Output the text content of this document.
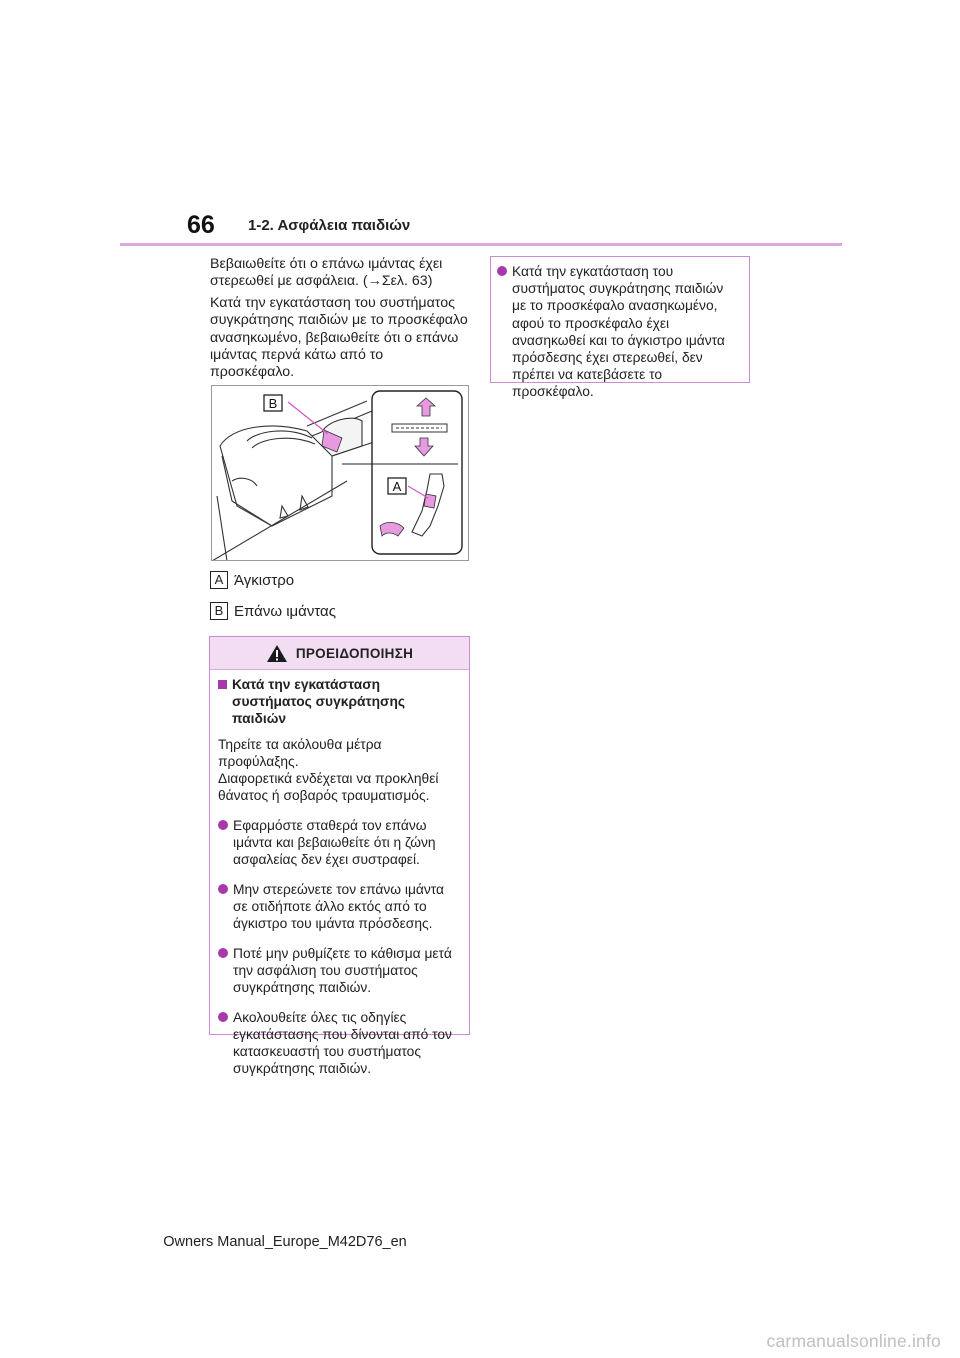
66 1-2. Ασφάλεια παιδιών
Βεβαιωθείτε ότι ο επάνω ιμάντας έχει στερεωθεί με ασφάλεια. (→Σελ. 63)
Κατά την εγκατάσταση του συστήματος συγκράτησης παιδιών με το προσκέφαλο ανασηκωμένο, βεβαιωθείτε ότι ο επάνω ιμάντας περνά κάτω από το προσκέφαλο.
B
A
A Άγκιστρο
B Επάνω ιμάντας
ΠΡΟΕΙΔΟΠΟΙΗΣΗ
Κατά την εγκατάσταση συστήματος συγκράτησης παιδιών
Τηρείτε τα ακόλουθα μέτρα προφύλαξης.
Διαφορετικά ενδέχεται να προκληθεί θάνατος ή σοβαρός τραυματισμός.
Εφαρμόστε σταθερά τον επάνω ιμάντα και βεβαιωθείτε ότι η ζώνη ασφαλείας δεν έχει συστραφεί.
Μην στερεώνετε τον επάνω ιμάντα σε οτιδήποτε άλλο εκτός από το άγκιστρο του ιμάντα πρόσδεσης.
Ποτέ μην ρυθμίζετε το κάθισμα μετά την ασφάλιση του συστήματος συγκράτησης παιδιών.
Ακολουθείτε όλες τις οδηγίες εγκατάστασης που δίνονται από τον κατασκευαστή του συστήματος συγκράτησης παιδιών.
Κατά την εγκατάσταση του συστήματος συγκράτησης παιδιών με το προσκέφαλο ανασηκωμένο, αφού το προσκέφαλο έχει ανασηκωθεί και το άγκιστρο ιμάντα πρόσδεσης έχει στερεωθεί, δεν πρέπει να κατεβάσετε το προσκέφαλο.
Owners Manual_Europe_M42D76_en
carmanualsonline.info
